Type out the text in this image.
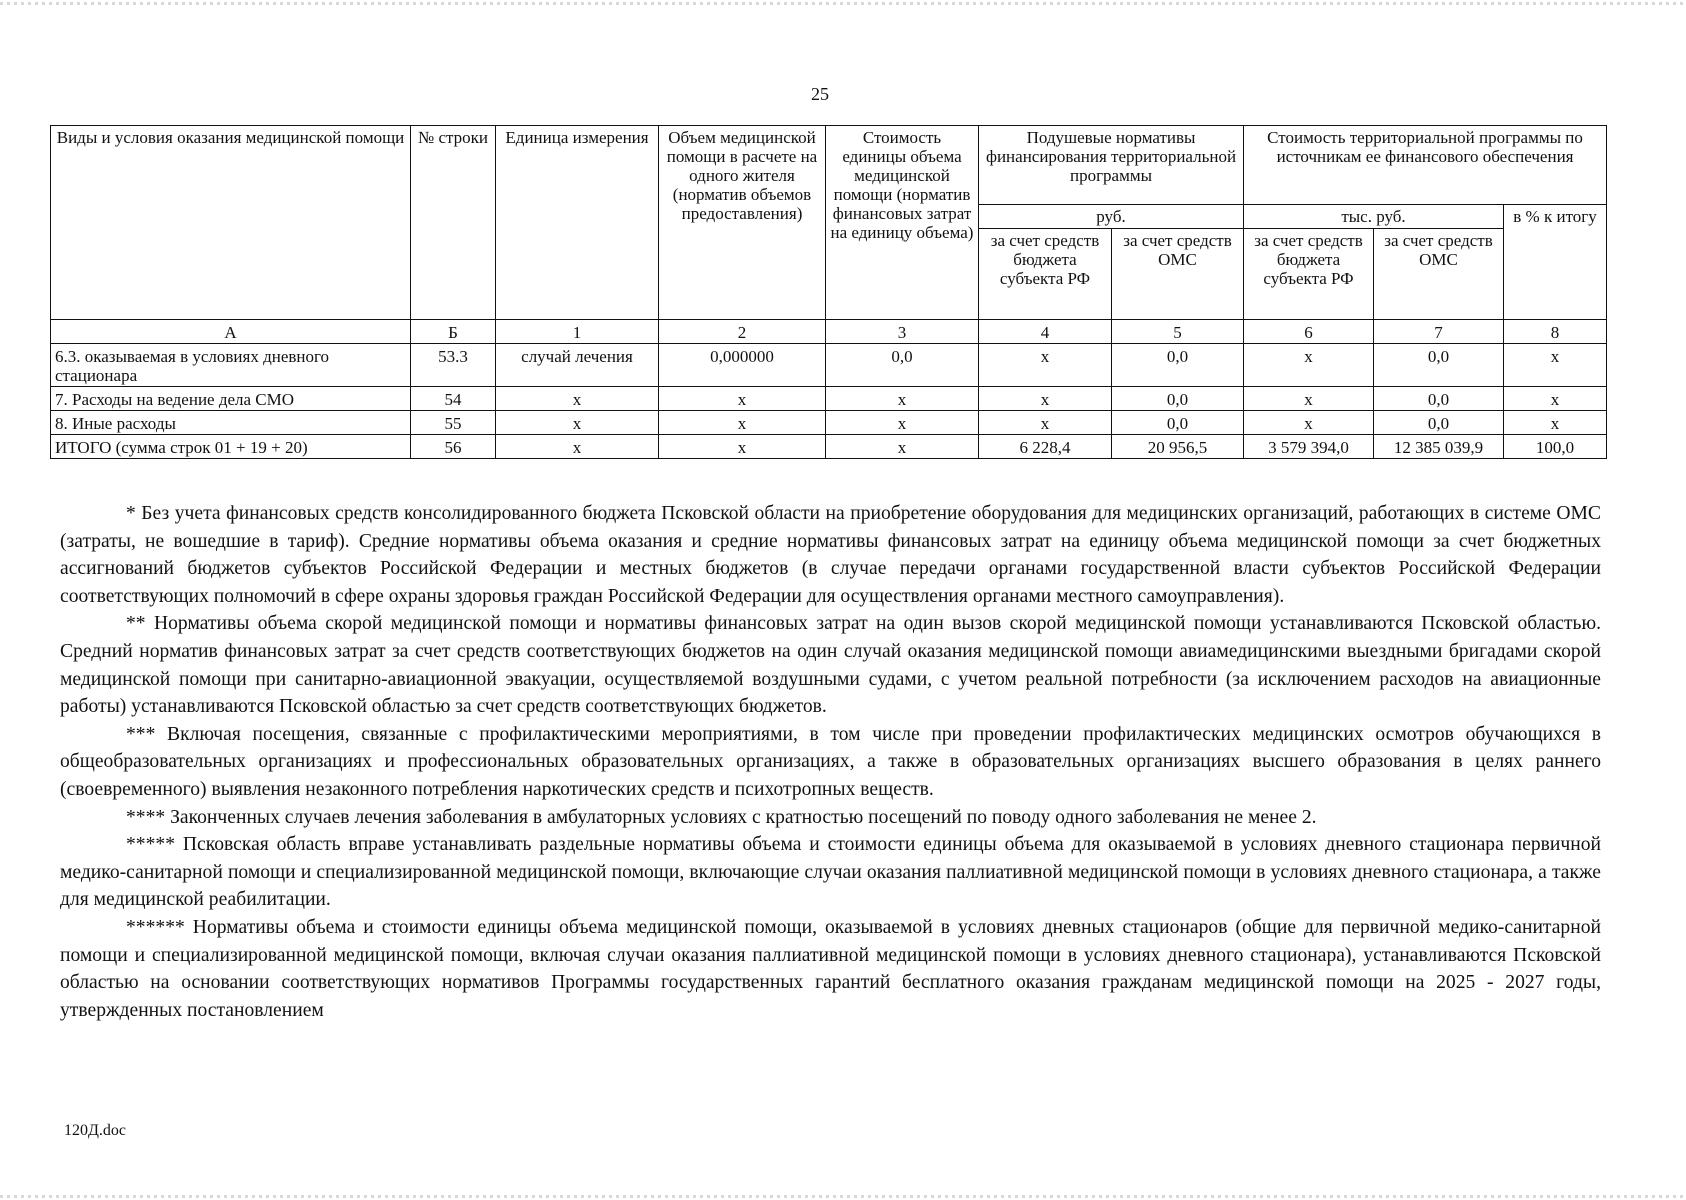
25
Виды и условия оказания медицинской помощи	№ строки	Единица измерения	Объем медицинской помощи в расчете на одного жителя (норматив объемов предоставления)	Стоимость единицы объема медицинской помощи (норматив финансовых затрат на единицу объема)	Подушевые нормативы финансирования территориальной программы		Стоимость территориальной программы по источникам ее финансового обеспечения		
					руб.		тыс. руб.		в % к итогу
					за счет средств бюджета субъекта РФ	за счет средств ОМС	за счет средств бюджета субъекта РФ	за счет средств ОМС	
А	Б	1	2	3	4	5	6	7	8
6.3. оказываемая в условиях дневного стационара	53.3	случай лечения	0,000000	0,0	х	0,0	х	0,0	х
7. Расходы на ведение дела СМО	54	х	х	х	х	0,0	х	0,0	х
8. Иные расходы	55	х	х	х	х	0,0	х	0,0	х
ИТОГО (сумма строк 01 + 19 + 20)	56	х	х	х	6 228,4	20 956,5	3 579 394,0	12 385 039,9	100,0

* Без учета финансовых средств консолидированного бюджета Псковской области на приобретение оборудования для медицинских организаций, работающих в системе ОМС (затраты, не вошедшие в тариф). Средние нормативы объема оказания и средние нормативы финансовых затрат на единицу объема медицинской помощи за счет бюджетных ассигнований бюджетов субъектов Российской Федерации и местных бюджетов (в случае передачи органами государственной власти субъектов Российской Федерации соответствующих полномочий в сфере охраны здоровья граждан Российской Федерации для осуществления органами местного самоуправления).

** Нормативы объема скорой медицинской помощи и нормативы финансовых затрат на один вызов скорой медицинской помощи устанавливаются Псковской областью. Средний норматив финансовых затрат за счет средств соответствующих бюджетов на один случай оказания медицинской помощи авиамедицинскими выездными бригадами скорой медицинской помощи при санитарно-авиационной эвакуации, осуществляемой воздушными судами, с учетом реальной потребности (за исключением расходов на авиационные работы) устанавливаются Псковской областью за счет средств соответствующих бюджетов.

*** Включая посещения, связанные с профилактическими мероприятиями, в том числе при проведении профилактических медицинских осмотров обучающихся в общеобразовательных организациях и профессиональных образовательных организациях, а также в образовательных организациях высшего образования в целях раннего (своевременного) выявления незаконного потребления наркотических средств и психотропных веществ.

**** Законченных случаев лечения заболевания в амбулаторных условиях с кратностью посещений по поводу одного заболевания не менее 2.

***** Псковская область вправе устанавливать раздельные нормативы объема и стоимости единицы объема для оказываемой в условиях дневного стационара первичной медико-санитарной помощи и специализированной медицинской помощи, включающие случаи оказания паллиативной медицинской помощи в условиях дневного стационара, а также для медицинской реабилитации.

****** Нормативы объема и стоимости единицы объема медицинской помощи, оказываемой в условиях дневных стационаров (общие для первичной медико-санитарной помощи и специализированной медицинской помощи, включая случаи оказания паллиативной медицинской помощи в условиях дневного стационара), устанавливаются Псковской областью на основании соответствующих нормативов Программы государственных гарантий бесплатного оказания гражданам медицинской помощи на 2025 - 2027 годы, утвержденных постановлением

120Д.doc
